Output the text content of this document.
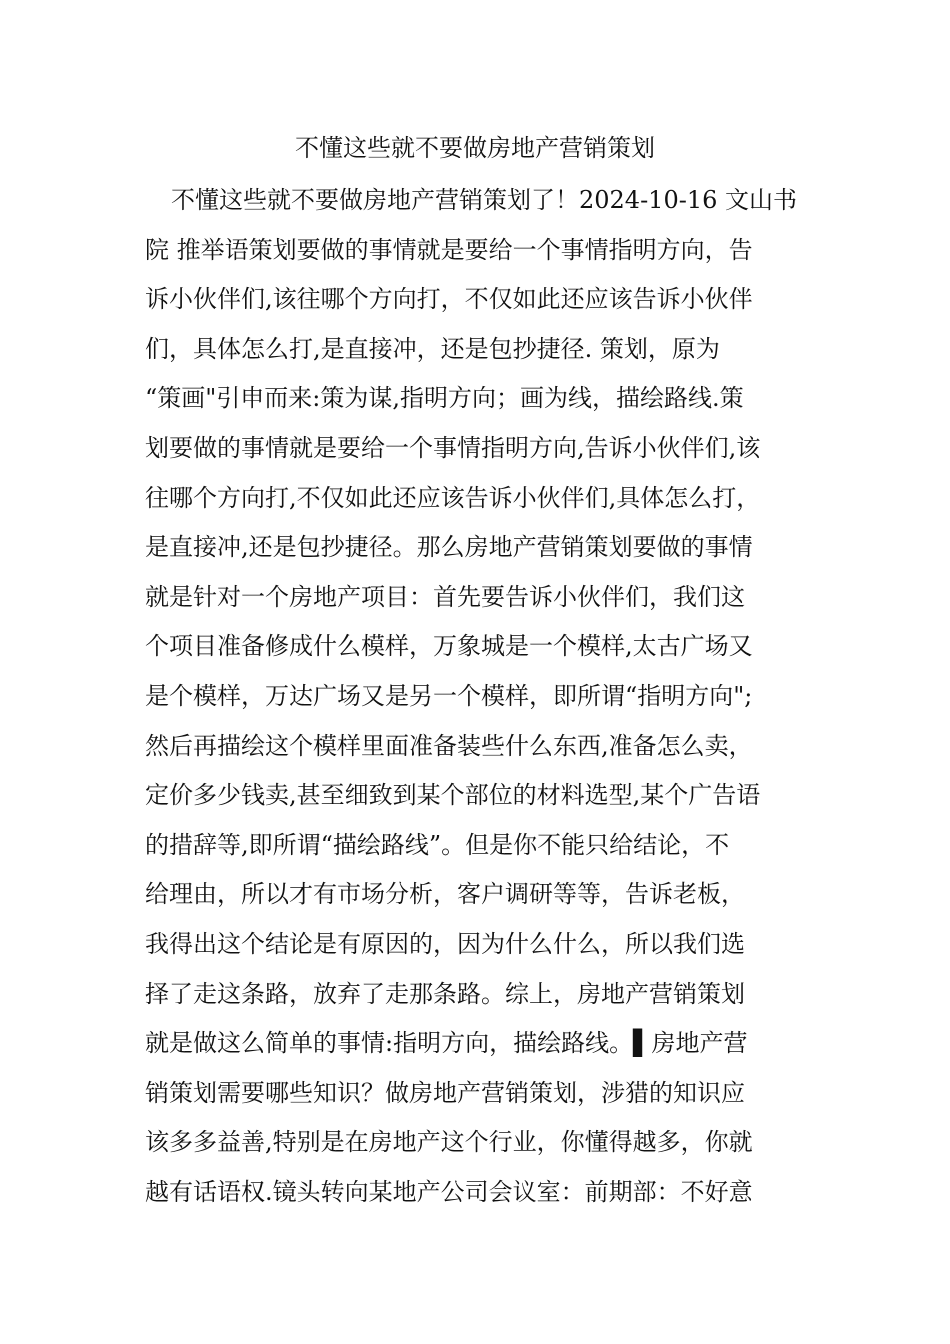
不懂这些就不要做房地产营销策划
不懂这些就不要做房地产营销策划了！2024-10-16 文山书
院 推举语策划要做的事情就是要给一个事情指明方向，告
诉小伙伴们,该往哪个方向打，不仅如此还应该告诉小伙伴
们，具体怎么打,是直接冲，还是包抄捷径. 策划，原为
“策画"引申而来:策为谋,指明方向；画为线，描绘路线.策
划要做的事情就是要给一个事情指明方向,告诉小伙伴们,该
往哪个方向打,不仅如此还应该告诉小伙伴们,具体怎么打，
是直接冲,还是包抄捷径。那么房地产营销策划要做的事情
就是针对一个房地产项目：首先要告诉小伙伴们，我们这
个项目准备修成什么模样，万象城是一个模样,太古广场又
是个模样，万达广场又是另一个模样，即所谓“指明方向";
然后再描绘这个模样里面准备装些什么东西,准备怎么卖，
定价多少钱卖,甚至细致到某个部位的材料选型,某个广告语
的措辞等,即所谓“描绘路线”。但是你不能只给结论，不
给理由，所以才有市场分析，客户调研等等，告诉老板，
我得出这个结论是有原因的，因为什么什么，所以我们选
择了走这条路，放弃了走那条路。综上，房地产营销策划
就是做这么简单的事情:指明方向，描绘路线。▌房地产营
销策划需要哪些知识？做房地产营销策划，涉猎的知识应
该多多益善,特别是在房地产这个行业，你懂得越多，你就
越有话语权.镜头转向某地产公司会议室：前期部：不好意
